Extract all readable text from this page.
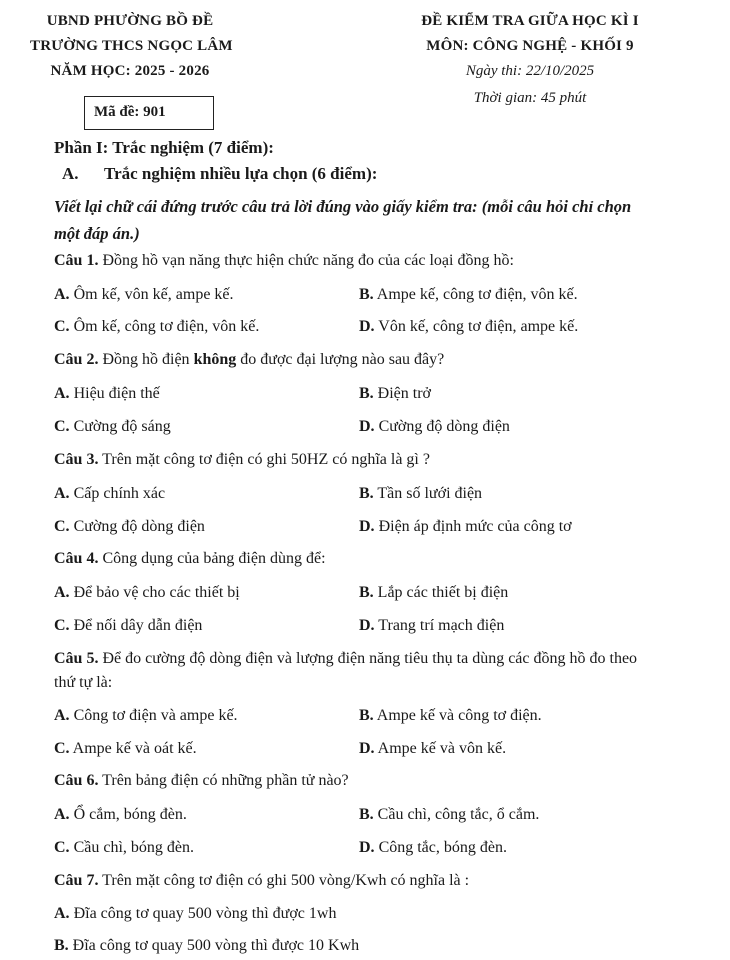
UBND PHƯỜNG BỒ ĐỀ
TRƯỜNG THCS NGỌC LÂM
NĂM HỌC: 2025 - 2026
ĐỀ KIỂM TRA GIỮA HỌC KÌ I
MÔN: CÔNG NGHỆ - KHỐI 9
Ngày thi: 22/10/2025
Thời gian: 45 phút
Mã đề: 901
Phần I: Trắc nghiệm (7 điểm):
A. Trắc nghiệm nhiều lựa chọn (6 điểm):
Viết lại chữ cái đứng trước câu trả lời đúng vào giấy kiểm tra: (mỗi câu hỏi chỉ chọn
một đáp án.)
Câu 1. Đồng hồ vạn năng thực hiện chức năng đo của các loại đồng hồ:
A. Ôm kế, vôn kế, ampe kế.	B. Ampe kế, công tơ điện, vôn kế.
C. Ôm kế, công tơ điện, vôn kế.	D. Vôn kế, công tơ điện, ampe kế.
Câu 2. Đồng hồ điện không đo được đại lượng nào sau đây?
A. Hiệu điện thế	B. Điện trở
C. Cường độ sáng	D. Cường độ dòng điện
Câu 3. Trên mặt công tơ điện có ghi 50HZ có nghĩa là gì ?
A. Cấp chính xác	B. Tần số lưới điện
C. Cường độ dòng điện	D. Điện áp định mức của công tơ
Câu 4. Công dụng của bảng điện dùng để:
A. Để bảo vệ cho các thiết bị	B. Lắp các thiết bị điện
C. Để nối dây dẫn điện	D. Trang trí mạch điện
Câu 5. Để đo cường độ dòng điện và lượng điện năng tiêu thụ ta dùng các đồng hồ đo theo
thứ tự là:
A. Công tơ điện và ampe kế.	B. Ampe kế và công tơ điện.
C. Ampe kế và oát kế.	D. Ampe kế và vôn kế.
Câu 6. Trên bảng điện có những phần tử nào?
A. Ổ cắm, bóng đèn.	B. Cầu chì, công tắc, ổ cắm.
C. Cầu chì, bóng đèn.	D. Công tắc, bóng đèn.
Câu 7. Trên mặt công tơ điện có ghi 500 vòng/Kwh có nghĩa là :
A. Đĩa công tơ quay 500 vòng thì được 1wh
B. Đĩa công tơ quay 500 vòng thì được 10 Kwh
